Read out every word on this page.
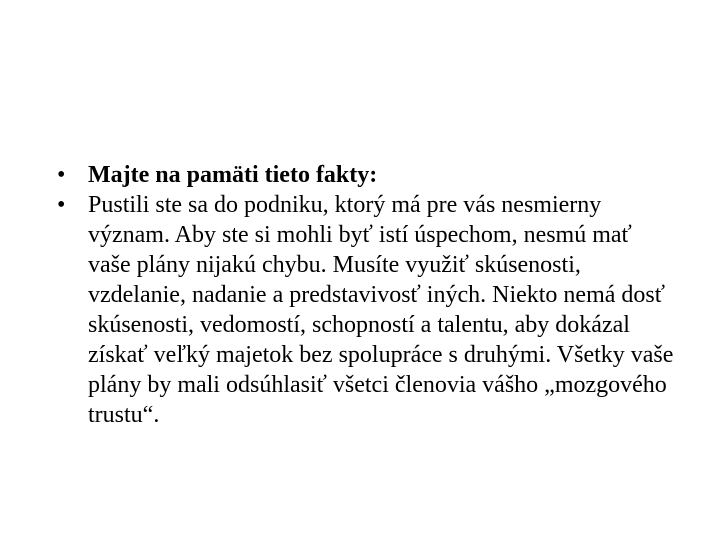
• Majte na pamäti tieto fakty:
• Pustili ste sa do podniku, ktorý má pre vás nesmierny význam. Aby ste si mohli byť istí úspechom, nesmú mať vaše plány nijakú chybu. Musíte využiť skúsenosti, vzdelanie, nadanie a predstavivosť iných. Niekto nemá dosť skúsenosti, vedomostí, schopností a talentu, aby dokázal získať veľký majetok bez spolupráce s druhými. Všetky vaše plány by mali odsúhlasiť všetci členovia vášho „mozgového trustu“.
